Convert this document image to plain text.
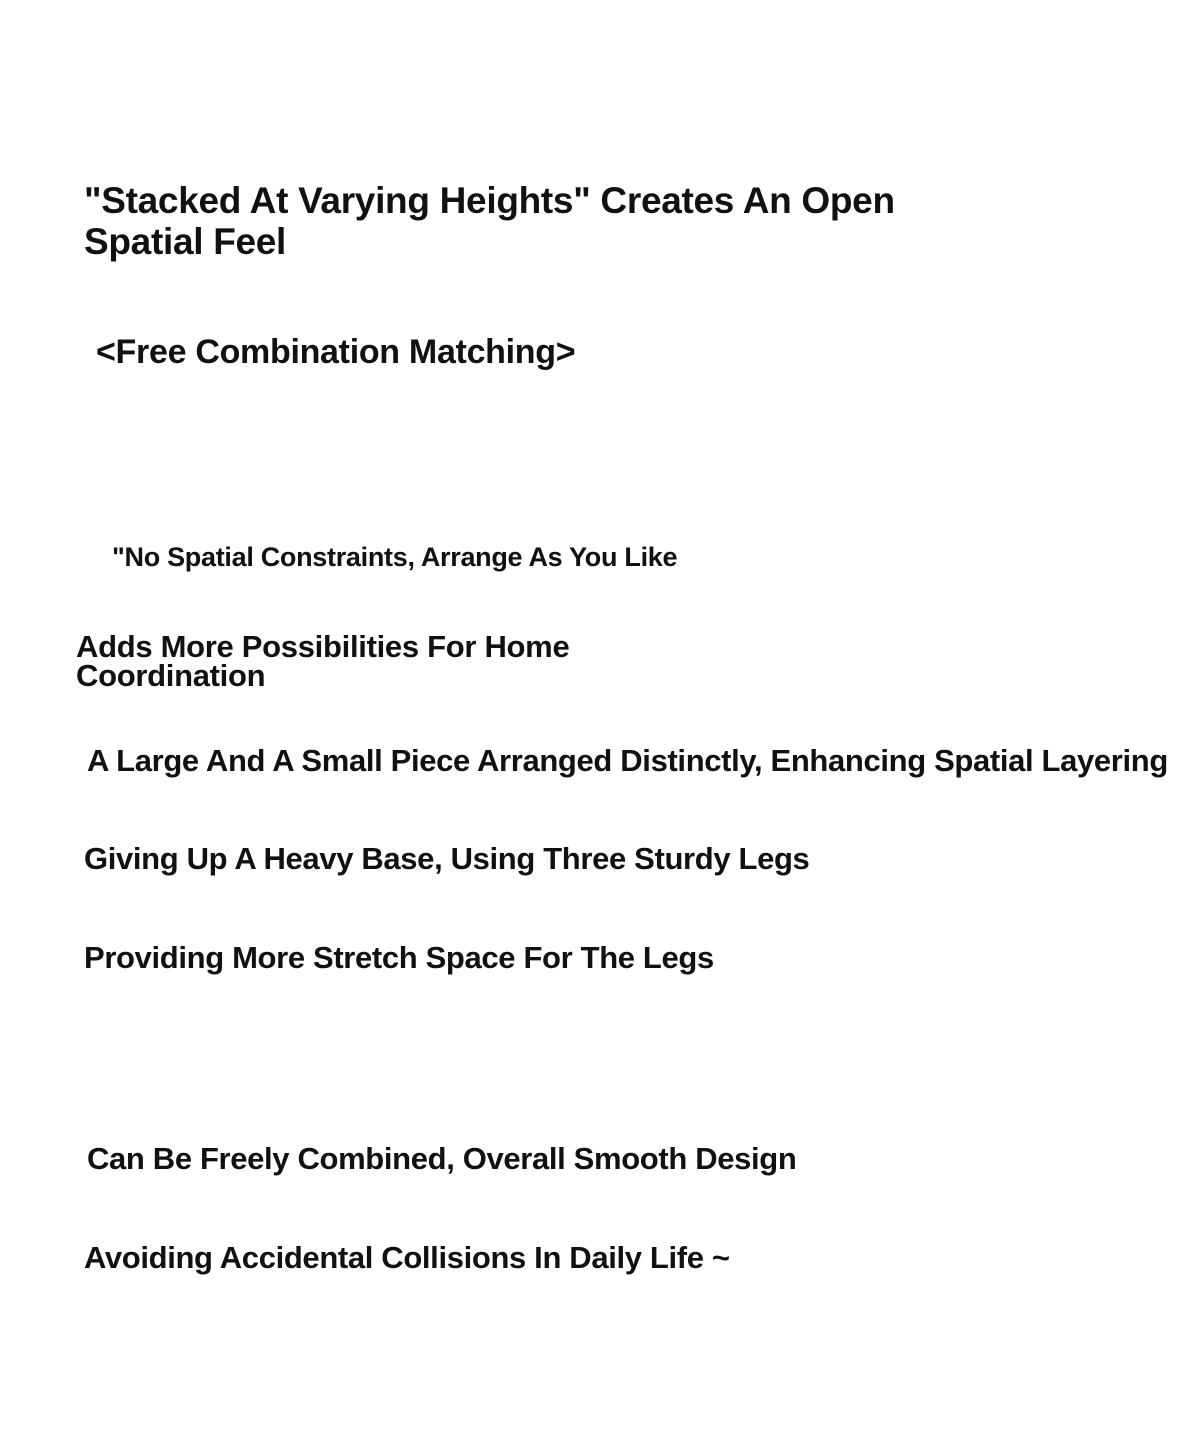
"Stacked At Varying Heights" Creates An Open Spatial Feel
<Free Combination Matching>

"No Spatial Constraints, Arrange As You Like

Adds More Possibilities For Home Coordination

A Large And A Small Piece Arranged Distinctly, Enhancing Spatial Layering

Giving Up A Heavy Base, Using Three Sturdy Legs

Providing More Stretch Space For The Legs

Can Be Freely Combined, Overall Smooth Design

Avoiding Accidental Collisions In Daily Life ~
